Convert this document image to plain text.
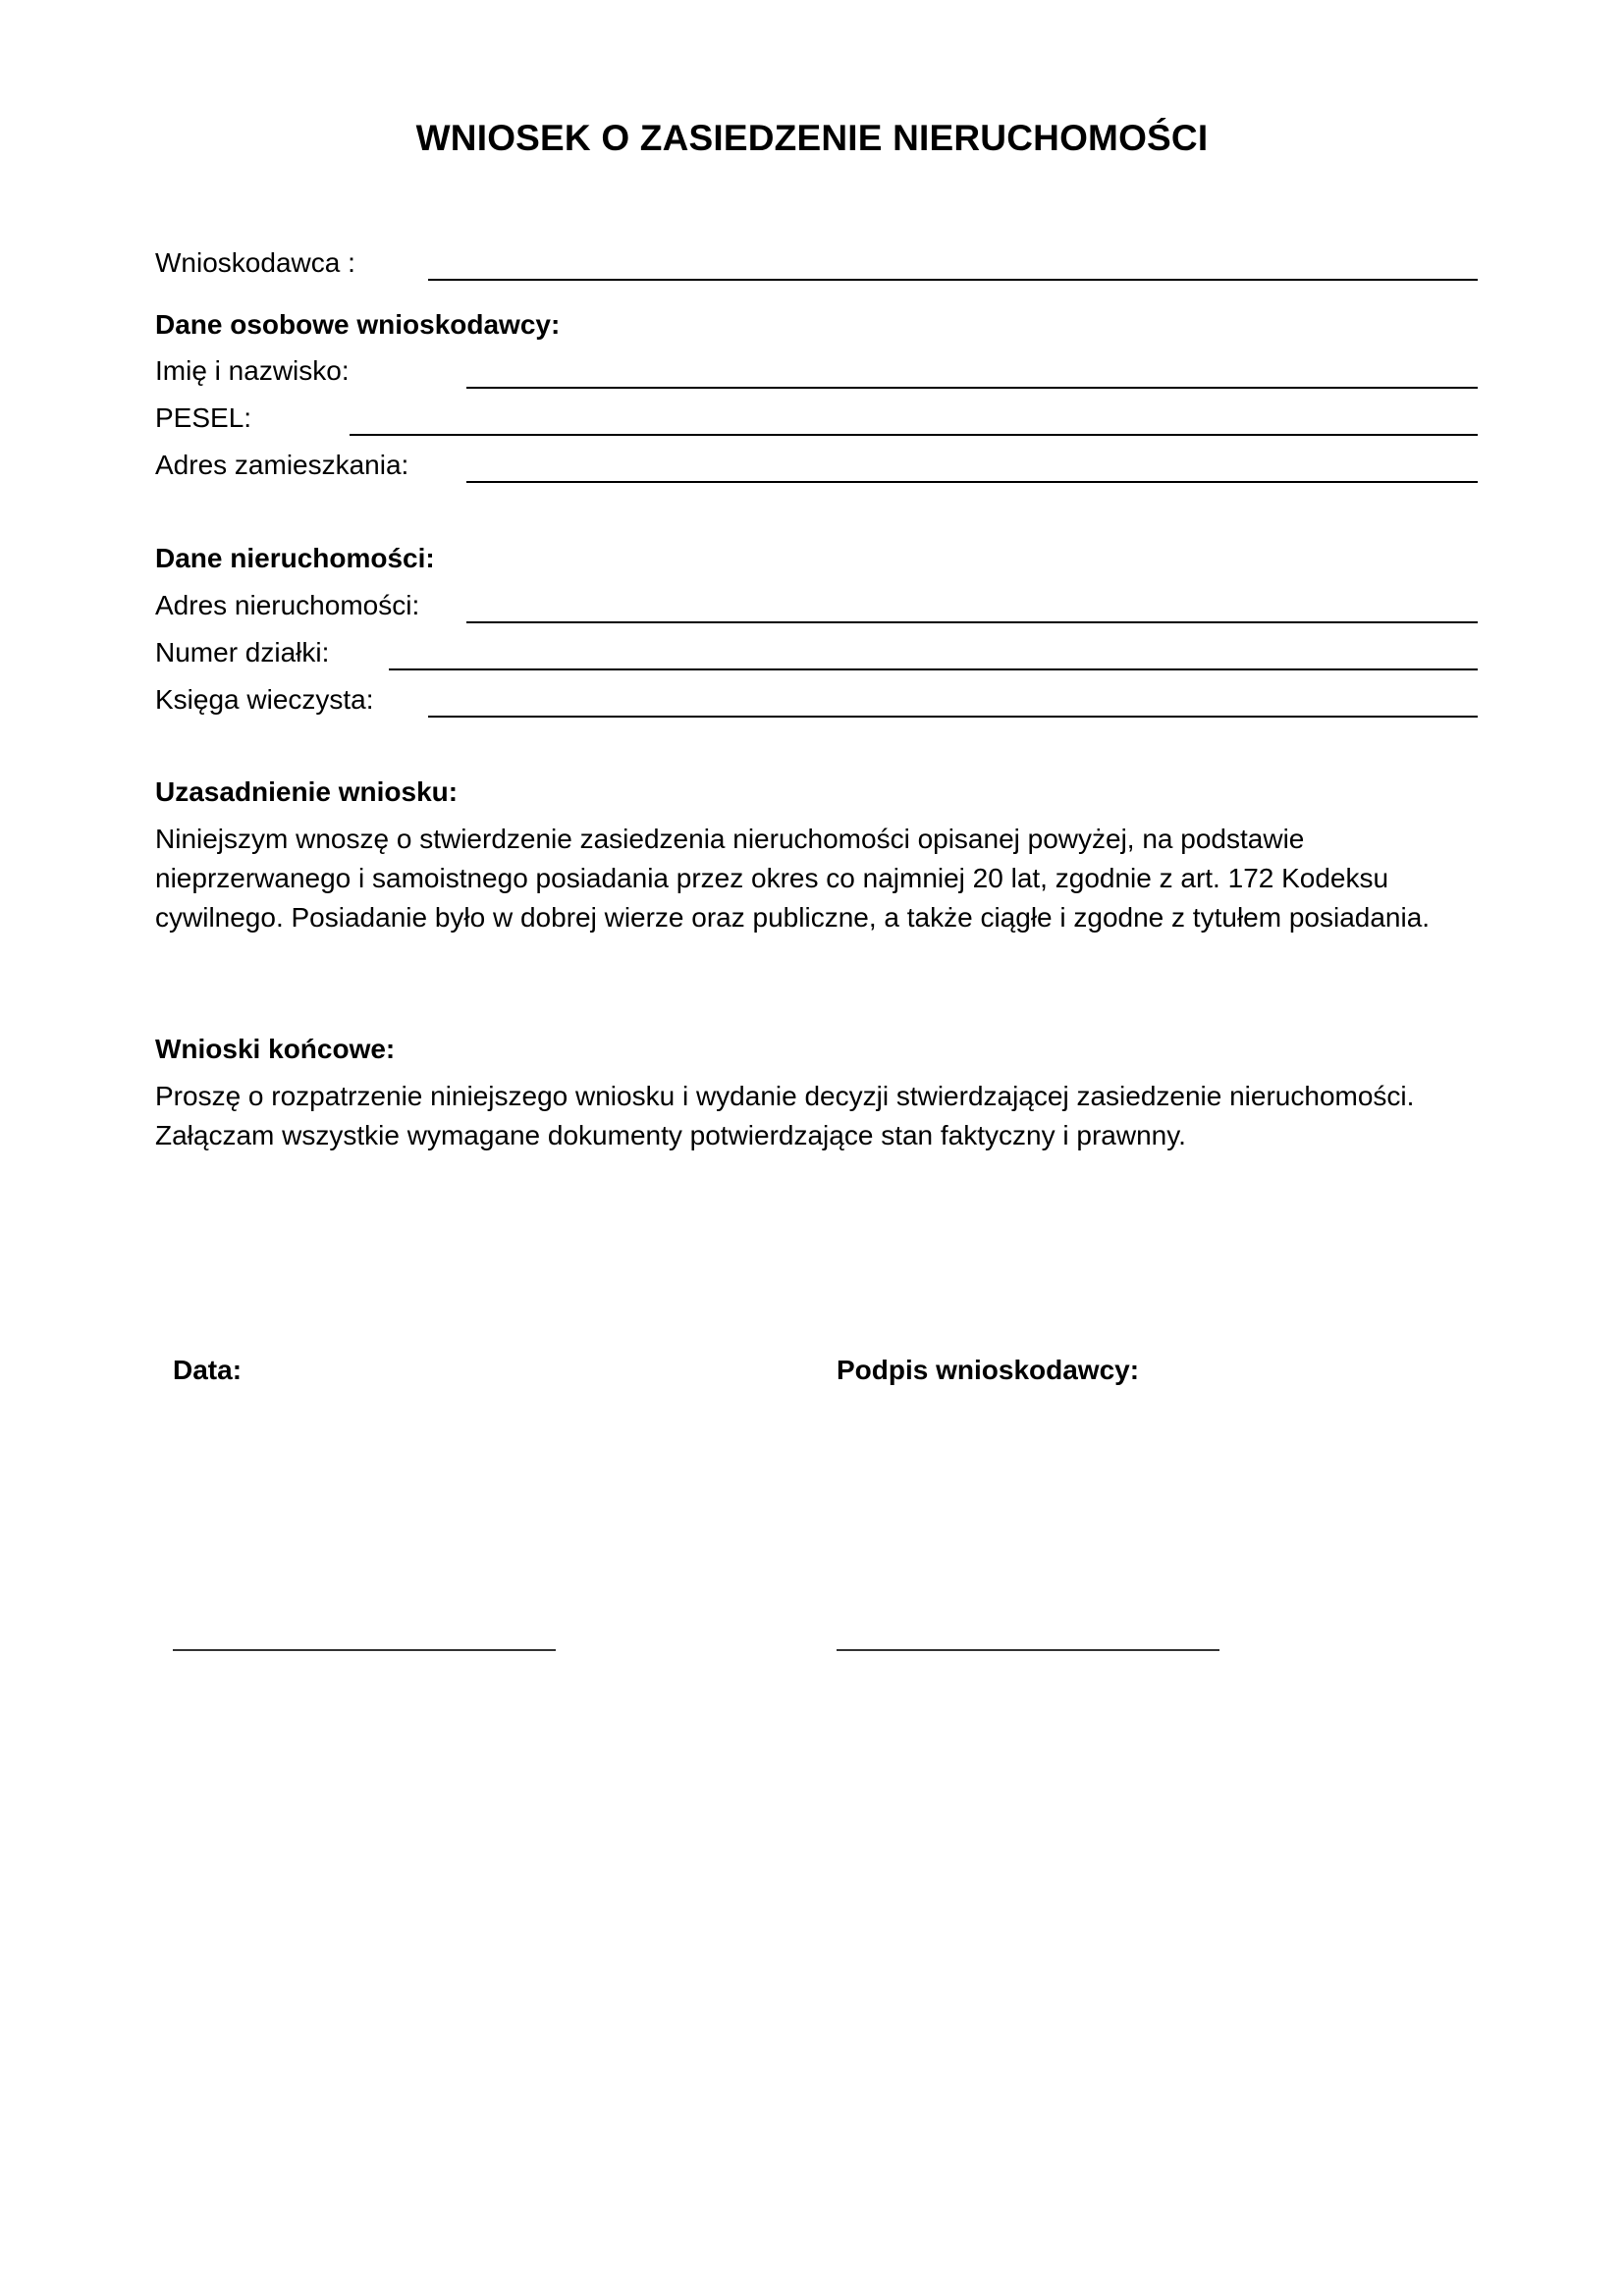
WNIOSEK O ZASIEDZENIE NIERUCHOMOŚCI
Wnioskodawca :
Dane osobowe wnioskodawcy:
Imię i nazwisko:
PESEL:
Adres zamieszkania:
Dane nieruchomości:
Adres nieruchomości:
Numer działki:
Księga wieczysta:
Uzasadnienie wniosku:

Niniejszym wnoszę o stwierdzenie zasiedzenia nieruchomości opisanej powyżej, na podstawie

nieprzerwanego i samoistnego posiadania przez okres co najmniej 20 lat, zgodnie z art. 172 Kodeksu

cywilnego. Posiadanie było w dobrej wierze oraz publiczne, a także ciągłe i zgodne z tytułem posiadania.

Wnioski końcowe:

Proszę o rozpatrzenie niniejszego wniosku i wydanie decyzji stwierdzającej zasiedzenie nieruchomości.

Załączam wszystkie wymagane dokumenty potwierdzające stan faktyczny i prawnny.

Data:	Podpis wnioskodawcy:
